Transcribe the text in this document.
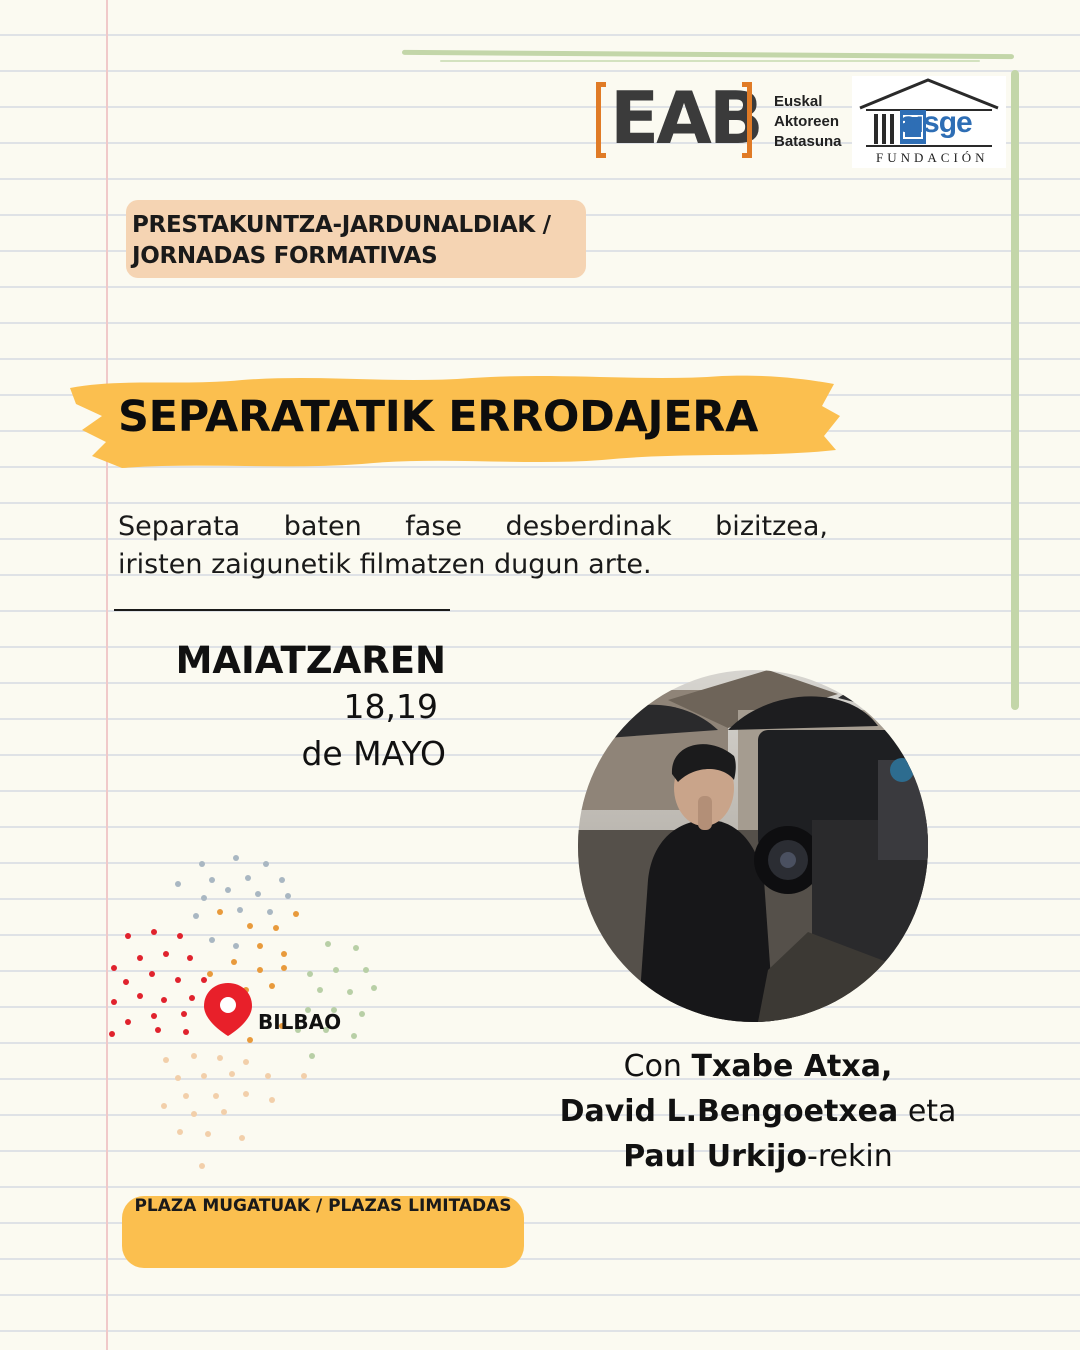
EAB Euskal
Aktoreen
Batasuna
aisge
FUNDACIÓN
PRESTAKUNTZA-JARDUNALDIAK /
JORNADAS FORMATIVAS
SEPARATATIK ERRODAJERA
Separata baten fase desberdinak bizitzea,
iristen zaigunetik filmatzen dugun arte.
MAIATZAREN
18,19
de MAYO
BILBAO
Con Txabe Atxa,
David L.Bengoetxea eta
Paul Urkijo-rekin
PLAZA MUGATUAK / PLAZAS LIMITADAS
